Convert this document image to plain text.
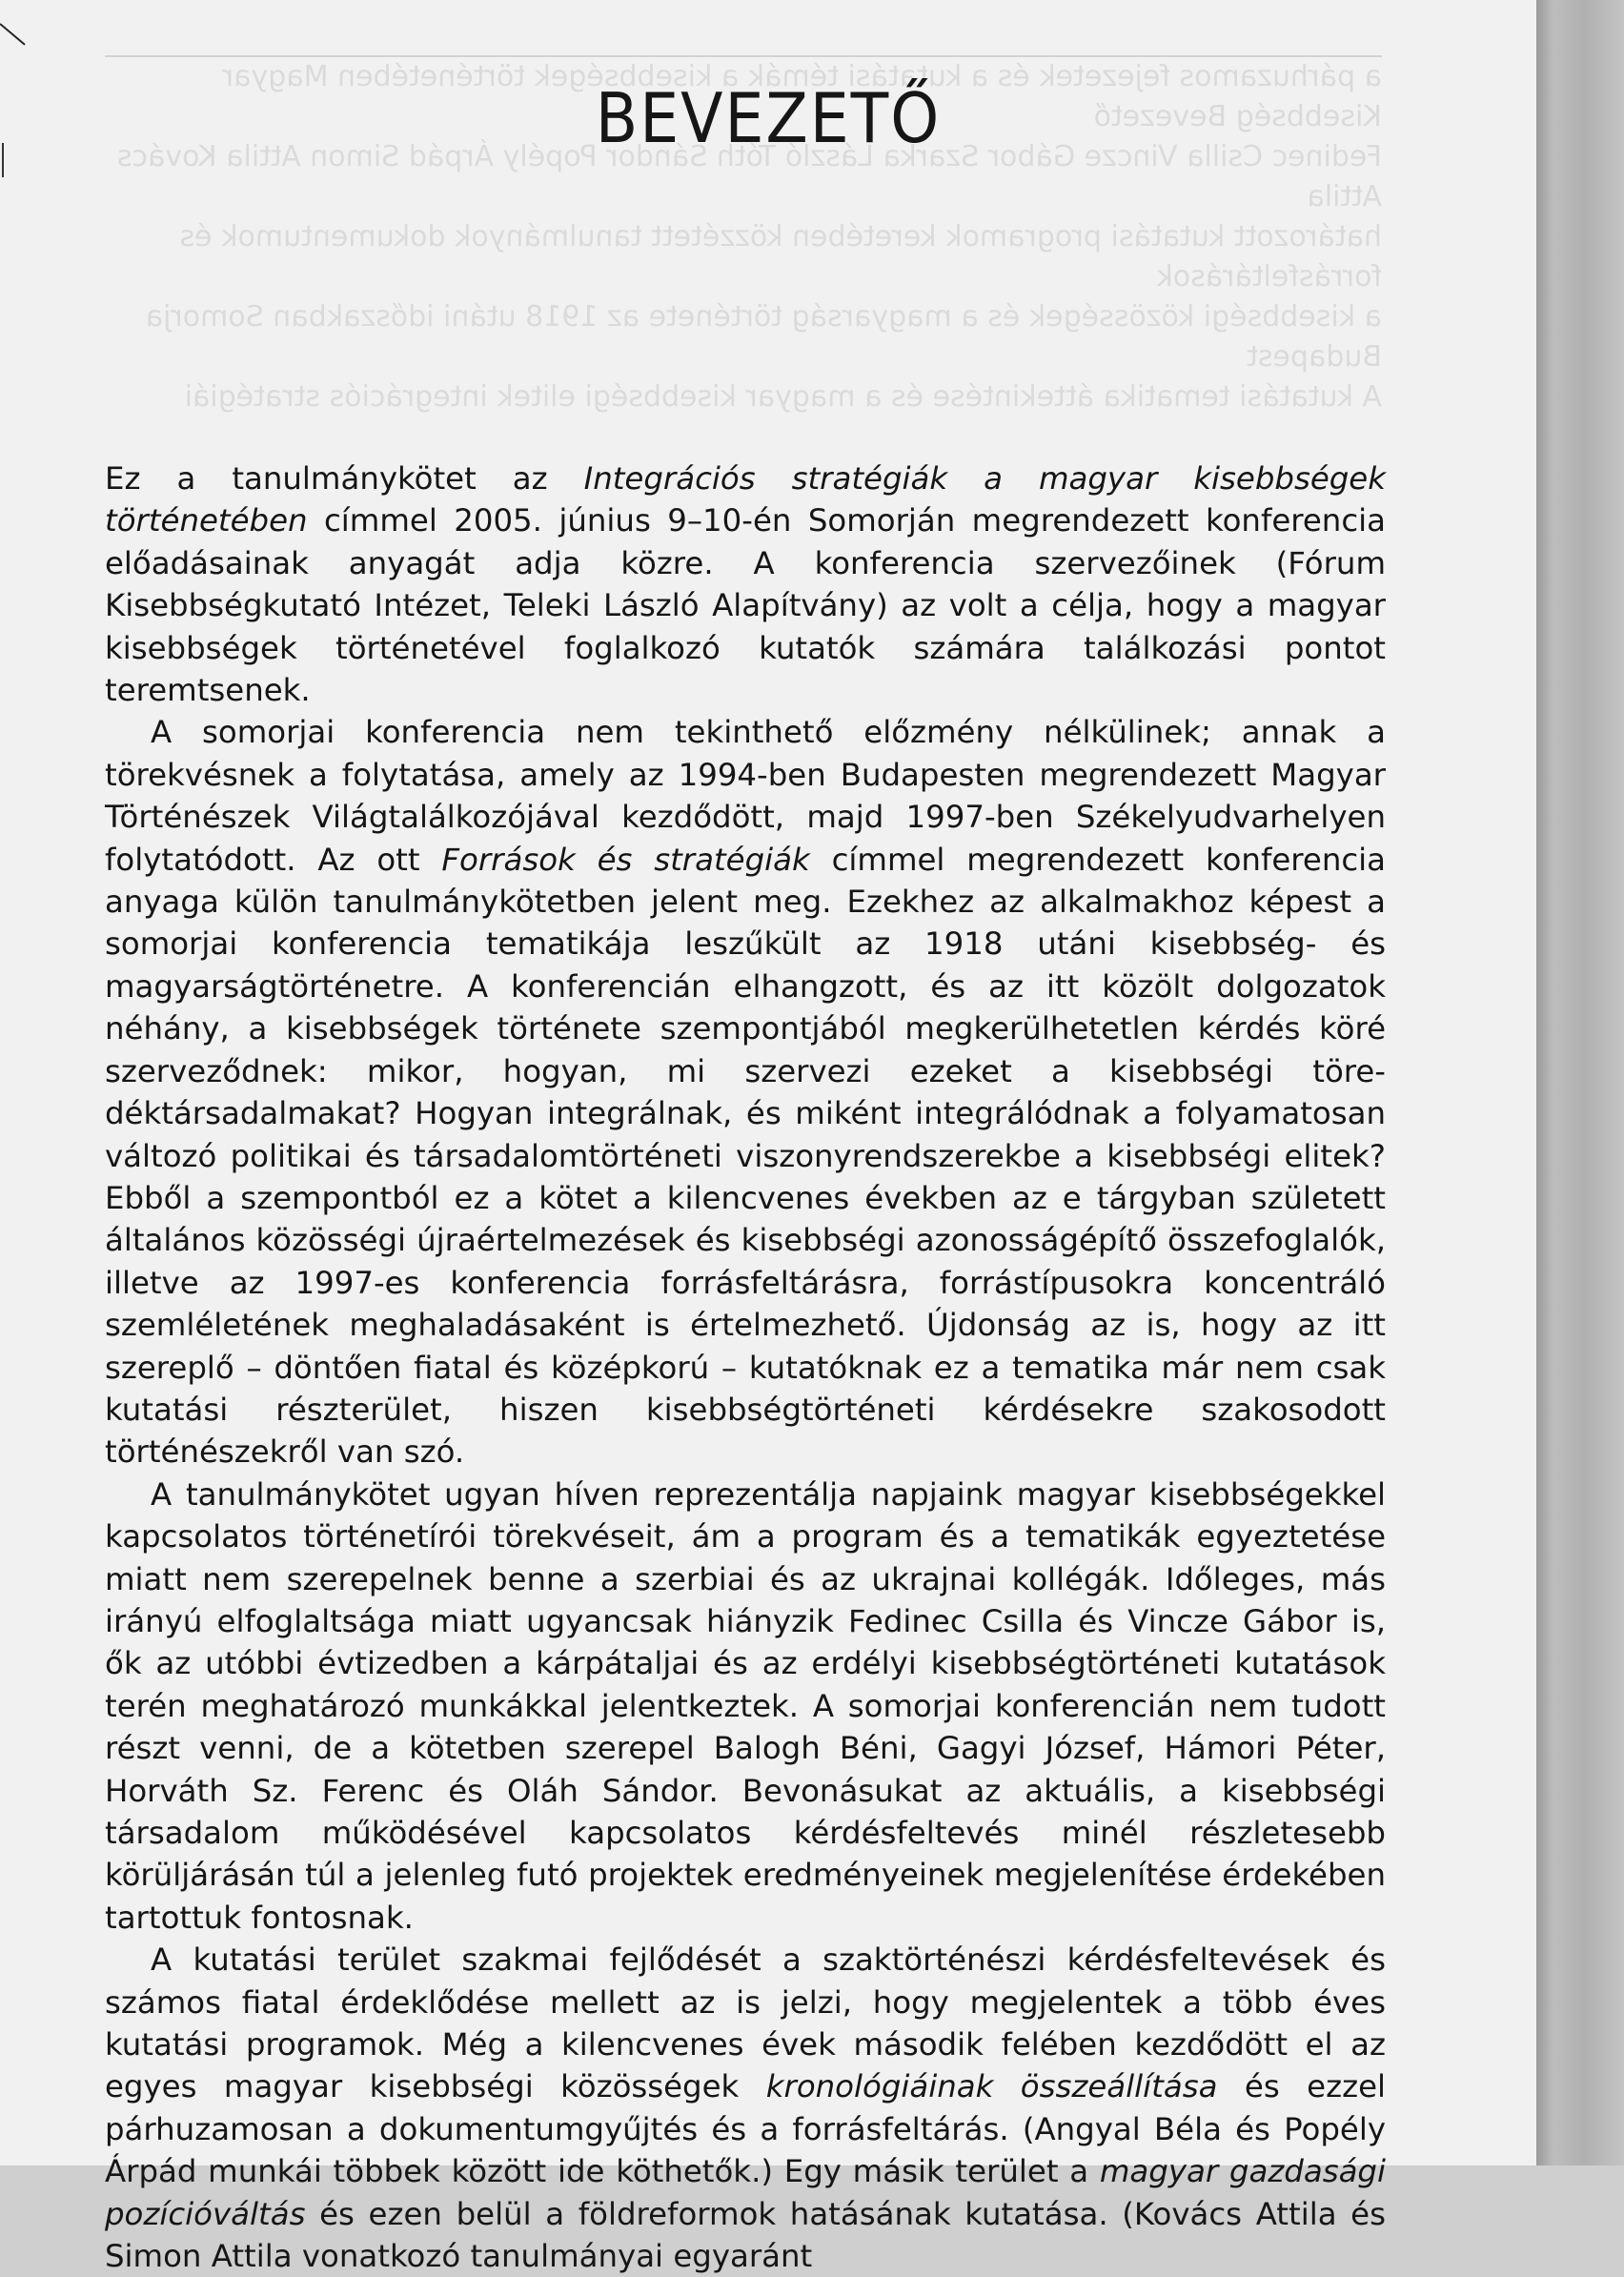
a párhuzamos fejezetek és a kutatási témák a kisebbségek történetében Magyar Kisebbség Bevezető
Fedinec Csilla Vincze Gábor Szarka László Tóth Sándor Popély Árpád Simon Attila Kovács Attila
határozott kutatási programok keretében közzétett tanulmányok dokumentumok és forrásfeltárások
a kisebbségi közösségek és a magyarság története az 1918 utáni időszakban Somorja Budapest
A kutatási tematika áttekintése és a magyar kisebbségi elitek integrációs stratégiái
BEVEZETŐ

Ez a tanulmánykötet az Integrációs stratégiák a magyar kisebbségek történetében címmel 2005. június 9–10-én Somorján megrendezett konferencia előadásainak anyagát adja közre. A konferencia szervezőinek (Fórum Kisebbségkutató Intézet, Teleki László Alapítvány) az volt a célja, hogy a magyar kisebbségek történetével foglalkozó kutatók számára találkozási pontot teremtsenek.

A somorjai konferencia nem tekinthető előzmény nélkülinek; annak a törekvésnek a folytatása, amely az 1994-ben Budapesten megrendezett Magyar Történészek Világtalálkozójával kezdődött, majd 1997-ben Székelyudvarhelyen folytatódott. Az ott Források és stratégiák címmel megrendezett konferencia anyaga külön tanulmánykötetben jelent meg. Ezekhez az alkalmakhoz képest a somorjai konferencia tematikája leszűkült az 1918 utáni kisebbség- és magyarságtörténetre. A konferencián elhangzott, és az itt közölt dolgozatok néhány, a kisebbségek története szempontjából megkerülhetetlen kérdés köré szerveződnek: mikor, hogyan, mi szervezi ezeket a kisebbségi töredéktársadalmakat? Hogyan integrálnak, és miként integrálódnak a folyamatosan változó politikai és társadalomtörténeti viszonyrendszerekbe a kisebbségi elitek? Ebből a szempontból ez a kötet a kilencvenes években az e tárgyban született általános közösségi újraértelmezések és kisebbségi azonosságépítő összefoglalók, illetve az 1997-es konferencia forrásfeltárásra, forrástípusokra koncentráló szemléletének meghaladásaként is értelmezhető. Újdonság az is, hogy az itt szereplő – döntően fiatal és középkorú – kutatóknak ez a tematika már nem csak kutatási részterület, hiszen kisebbségtörténeti kérdésekre szakosodott történészekről van szó.

A tanulmánykötet ugyan híven reprezentálja napjaink magyar kisebbségekkel kapcsolatos történetírói törekvéseit, ám a program és a tematikák egyeztetése miatt nem szerepelnek benne a szerbiai és az ukrajnai kollégák. Időleges, más irányú elfoglaltsága miatt ugyancsak hiányzik Fedinec Csilla és Vincze Gábor is, ők az utóbbi évtizedben a kárpátaljai és az erdélyi kisebbségtörténeti kutatások terén meghatározó munkákkal jelentkeztek. A somorjai konferencián nem tudott részt venni, de a kötetben szerepel Balogh Béni, Gagyi József, Hámori Péter, Horváth Sz. Ferenc és Oláh Sándor. Bevonásukat az aktuális, a kisebbségi társadalom működésével kapcsolatos kérdésfeltevés minél részletesebb körüljárásán túl a jelenleg futó projektek eredményeinek megjelenítése érdekében tartottuk fontosnak.

A kutatási terület szakmai fejlődését a szaktörténészi kérdésfeltevések és számos fiatal érdeklődése mellett az is jelzi, hogy megjelentek a több éves kutatási programok. Még a kilencvenes évek második felében kezdődött el az egyes magyar kisebbségi közösségek kronológiáinak összeállítása és ezzel párhuzamosan a dokumentumgyűjtés és a forrásfeltárás. (Angyal Béla és Popély Árpád munkái többek között ide köthetők.) Egy másik terület a magyar gazdasági pozícióváltás és ezen belül a földreformok hatásának kutatása. (Kovács Attila és Simon Attila vonatkozó tanulmányai egyaránt
